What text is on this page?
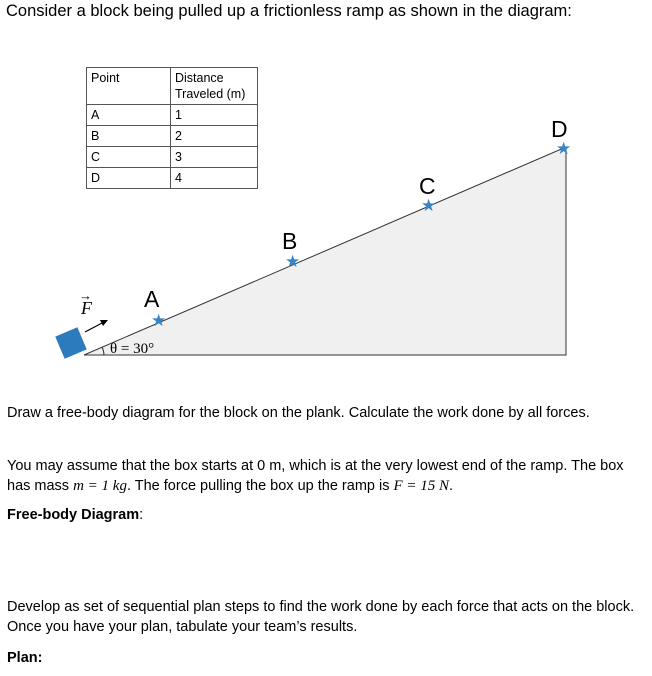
Consider a block being pulled up a frictionless ramp as shown in the diagram:
Point	Distance
Traveled (m)
A	1
B	2
C	3
D	4
F
→
θ = 30°
A
★
B
★
C
★
D
★
Draw a free-body diagram for the block on the plank. Calculate the work done by all forces.
You may assume that the box starts at 0 m, which is at the very lowest end of the ramp. The box has mass m = 1 kg. The force pulling the box up the ramp is F = 15 N.
Free-body Diagram:
Develop as set of sequential plan steps to find the work done by each force that acts on the block. Once you have your plan, tabulate your team’s results.
Plan:
